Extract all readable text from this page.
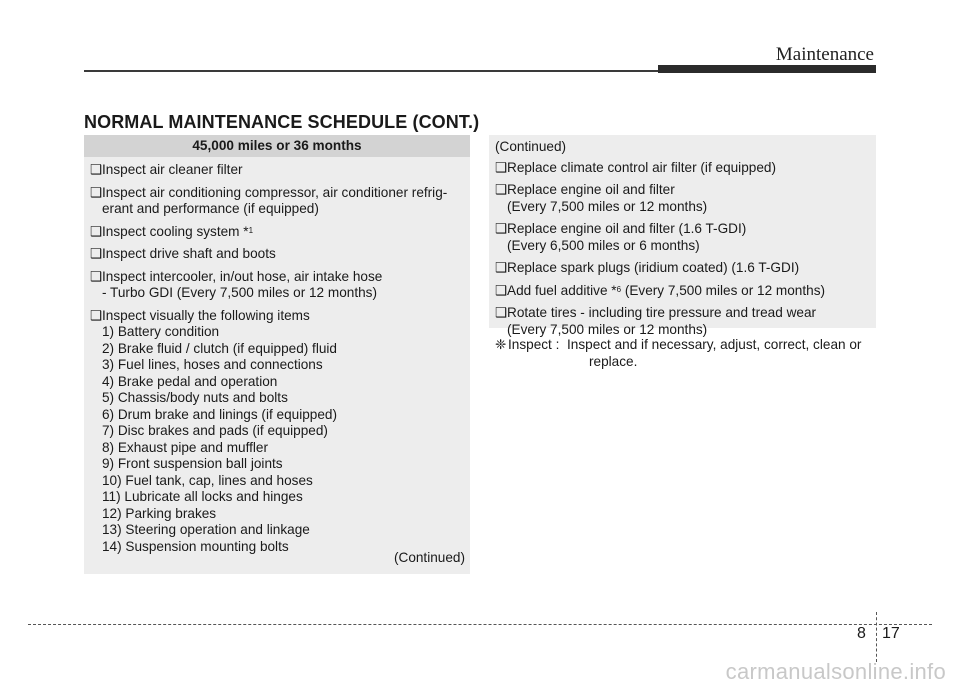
Maintenance
NORMAL MAINTENANCE SCHEDULE (CONT.)
45,000 miles or 36 months
❑ Inspect air cleaner filter
❑ Inspect air conditioning compressor, air conditioner refrig-
erant and performance (if equipped)
❑ Inspect cooling system *$^1$
❑ Inspect drive shaft and boots
❑ Inspect intercooler, in/out hose, air intake hose
- Turbo GDI (Every 7,500 miles or 12 months)
❑ Inspect visually the following items
1) Battery condition
2) Brake fluid / clutch (if equipped) fluid
3) Fuel lines, hoses and connections
4) Brake pedal and operation
5) Chassis/body nuts and bolts
6) Drum brake and linings (if equipped)
7) Disc brakes and pads (if equipped)
8) Exhaust pipe and muffler
9) Front suspension ball joints
10) Fuel tank, cap, lines and hoses
11) Lubricate all locks and hinges
12) Parking brakes
13) Steering operation and linkage
14) Suspension mounting bolts
(Continued)
(Continued)
❑ Replace climate control air filter (if equipped)
❑ Replace engine oil and filter
(Every 7,500 miles or 12 months)
❑ Replace engine oil and filter (1.6 T-GDI)
(Every 6,500 miles or 6 months)
❑ Replace spark plugs (iridium coated) (1.6 T-GDI)
❑ Add fuel additive *$^6$ (Every 7,500 miles or 12 months)
❑ Rotate tires - including tire pressure and tread wear
(Every 7,500 miles or 12 months)
❈ Inspect : Inspect and if necessary, adjust, correct, clean or
replace.
8 17
carmanualsonline.info
